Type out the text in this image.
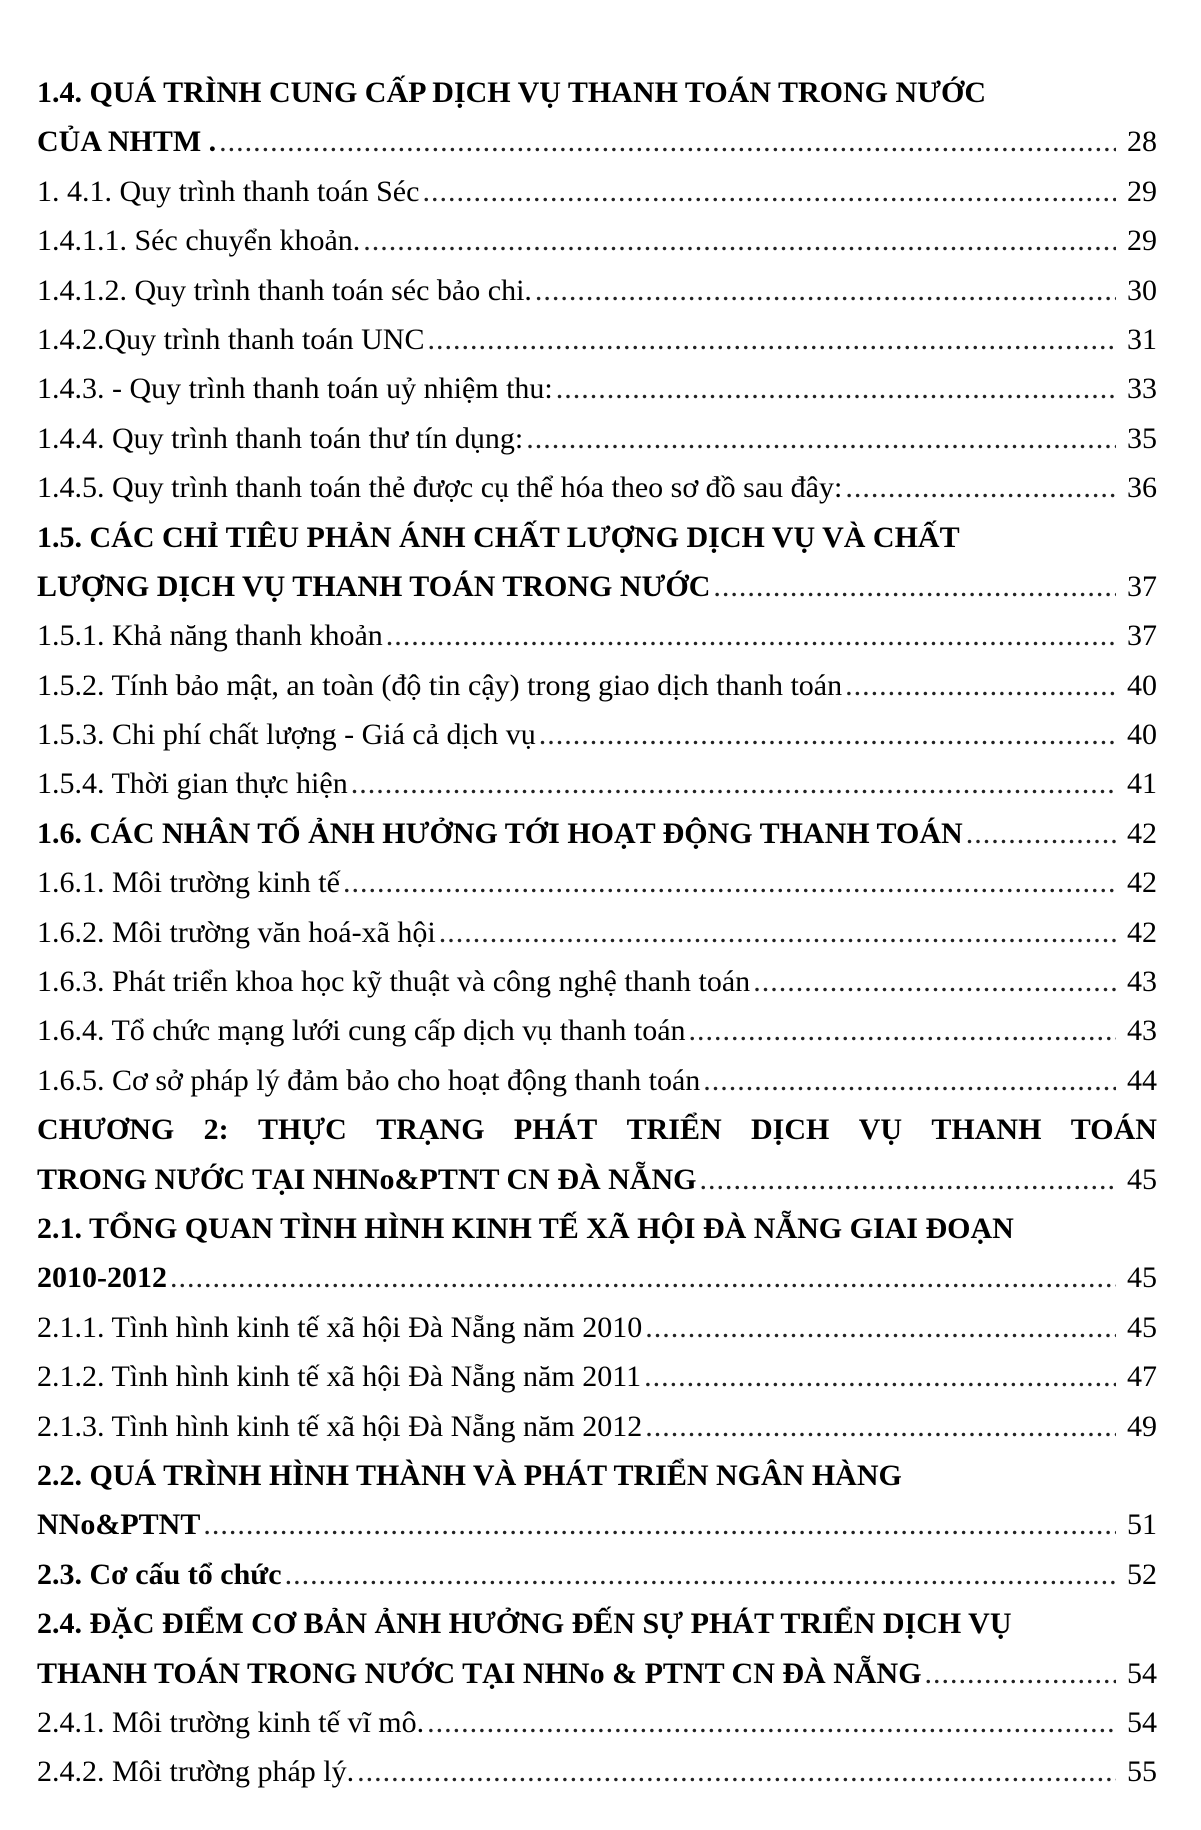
1.4. QUÁ TRÌNH CUNG CẤP DỊCH VỤ THANH TOÁN TRONG NƯỚC
CỦA NHTM . .....	28
1. 4.1. Quy trình thanh toán Séc .....	29
1.4.1.1. Séc chuyển khoản. .....	29
1.4.1.2. Quy trình thanh toán séc bảo chi. .....	30
1.4.2.Quy trình thanh toán UNC .....	31
1.4.3. - Quy trình thanh toán uỷ nhiệm thu: .....	33
1.4.4. Quy trình thanh toán thư tín dụng: .....	35
1.4.5. Quy trình thanh toán thẻ được cụ thể hóa theo sơ đồ sau đây: .....	36
1.5. CÁC CHỈ TIÊU PHẢN ÁNH CHẤT LƯỢNG DỊCH VỤ VÀ CHẤT
LƯỢNG DỊCH VỤ THANH TOÁN TRONG NƯỚC .....	37
1.5.1. Khả năng thanh khoản .....	37
1.5.2. Tính bảo mật, an toàn (độ tin cậy) trong giao dịch thanh toán .....	40
1.5.3. Chi phí chất lượng - Giá cả dịch vụ .....	40
1.5.4. Thời gian thực hiện .....	41
1.6. CÁC NHÂN TỐ ẢNH HƯỞNG TỚI HOẠT ĐỘNG THANH TOÁN .....	42
1.6.1. Môi trường kinh tế .....	42
1.6.2. Môi trường văn hoá-xã hội .....	42
1.6.3. Phát triển khoa học kỹ thuật và công nghệ thanh toán .....	43
1.6.4. Tổ chức mạng lưới cung cấp dịch vụ thanh toán .....	43
1.6.5. Cơ sở pháp lý đảm bảo cho hoạt động thanh toán .....	44
CHƯƠNG 2: THỰC TRẠNG PHÁT TRIỂN DỊCH VỤ THANH TOÁN
TRONG NƯỚC TẠI NHNo&PTNT CN ĐÀ NẴNG .....	45
2.1. TỔNG QUAN TÌNH HÌNH KINH TẾ XÃ HỘI ĐÀ NẴNG GIAI ĐOẠN
2010-2012 .....	45
2.1.1. Tình hình kinh tế xã hội Đà Nẵng năm 2010 .....	45
2.1.2. Tình hình kinh tế xã hội Đà Nẵng năm 2011 .....	47
2.1.3. Tình hình kinh tế xã hội Đà Nẵng năm 2012 .....	49
2.2. QUÁ TRÌNH HÌNH THÀNH VÀ PHÁT TRIỂN NGÂN HÀNG
NNo&PTNT .....	51
2.3. Cơ cấu tổ chức .....	52
2.4. ĐẶC ĐIỂM CƠ BẢN ẢNH HƯỞNG ĐẾN SỰ PHÁT TRIỂN DỊCH VỤ
THANH TOÁN TRONG NƯỚC TẠI NHNo & PTNT CN ĐÀ NẴNG .....	54
2.4.1. Môi trường kinh tế vĩ mô. .....	54
2.4.2. Môi trường pháp lý. .....	55
